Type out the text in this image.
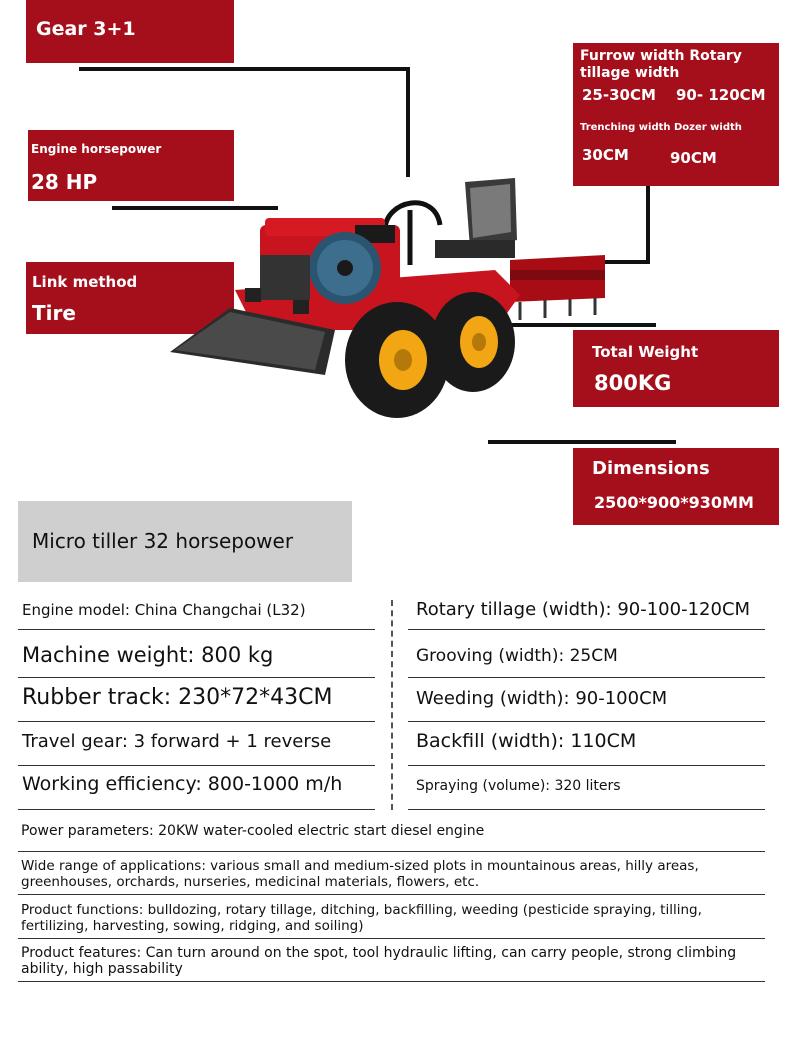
Gear 3+1
Engine horsepower
28 HP
Link method
Tire
Furrow width Rotary
tillage width
25-30CM 90- 120CM
Trenching width Dozer width
30CM	90CM
Total Weight
800KG
Dimensions
2500*900*930MM
Micro tiller 32 horsepower
Engine model: China Changchai (L32)	Rotary tillage (width): 90-100-120CM
Machine weight: 800 kg	Grooving (width): 25CM
Rubber track: 230*72*43CM	Weeding (width): 90-100CM
Travel gear: 3 forward + 1 reverse	Backfill (width): 110CM
Working efficiency: 800-1000 m/h	Spraying (volume): 320 liters
Power parameters: 20KW water-cooled electric start diesel engine
Wide range of applications: various small and medium-sized plots in mountainous areas, hilly areas, greenhouses, orchards, nurseries, medicinal materials, flowers, etc.
Product functions: bulldozing, rotary tillage, ditching, backfilling, weeding (pesticide spraying, tilling, fertilizing, harvesting, sowing, ridging, and soiling)
Product features: Can turn around on the spot, tool hydraulic lifting, can carry people, strong climbing ability, high passability
